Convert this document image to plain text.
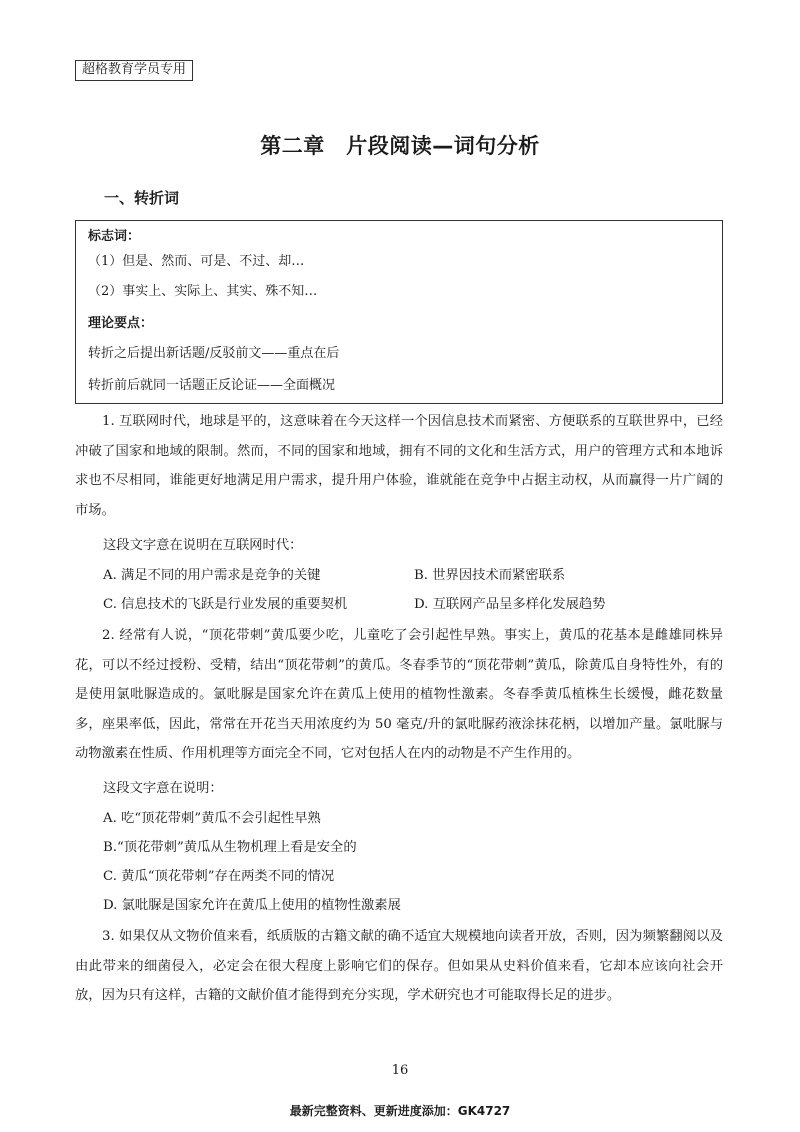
超格教育学员专用
第二章　片段阅读—词句分析
一、转折词
标志词：
（1）但是、然而、可是、不过、却…
（2）事实上、实际上、其实、殊不知…
理论要点：
转折之后提出新话题/反驳前文——重点在后
转折前后就同一话题正反论证——全面概况

1. 互联网时代，地球是平的，这意味着在今天这样一个因信息技术而紧密、方便联系的互联世界中，已经冲破了国家和地域的限制。然而，不同的国家和地域，拥有不同的文化和生活方式，用户的管理方式和本地诉求也不尽相同，谁能更好地满足用户需求，提升用户体验，谁就能在竞争中占据主动权，从而赢得一片广阔的市场。

这段文字意在说明在互联网时代：
A. 满足不同的用户需求是竞争的关键	B. 世界因技术而紧密联系
C. 信息技术的飞跃是行业发展的重要契机	D. 互联网产品呈多样化发展趋势

2. 经常有人说，“顶花带刺”黄瓜要少吃，儿童吃了会引起性早熟。事实上，黄瓜的花基本是雌雄同株异花，可以不经过授粉、受精，结出“顶花带刺”的黄瓜。冬春季节的“顶花带刺”黄瓜，除黄瓜自身特性外，有的是使用氯吡脲造成的。氯吡脲是国家允许在黄瓜上使用的植物性激素。冬春季黄瓜植株生长缓慢，雌花数量多，座果率低，因此，常常在开花当天用浓度约为 50 毫克/升的氯吡脲药液涂抹花柄，以增加产量。氯吡脲与动物激素在性质、作用机理等方面完全不同，它对包括人在内的动物是不产生作用的。

这段文字意在说明：
A. 吃“顶花带刺”黄瓜不会引起性早熟
B.“顶花带刺”黄瓜从生物机理上看是安全的
C. 黄瓜“顶花带刺”存在两类不同的情况
D. 氯吡脲是国家允许在黄瓜上使用的植物性激素展

3. 如果仅从文物价值来看，纸质版的古籍文献的确不适宜大规模地向读者开放，否则，因为频繁翻阅以及由此带来的细菌侵入，必定会在很大程度上影响它们的保存。但如果从史料价值来看，它却本应该向社会开放，因为只有这样，古籍的文献价值才能得到充分实现，学术研究也才可能取得长足的进步。

16
最新完整资料、更新进度添加：GK4727
